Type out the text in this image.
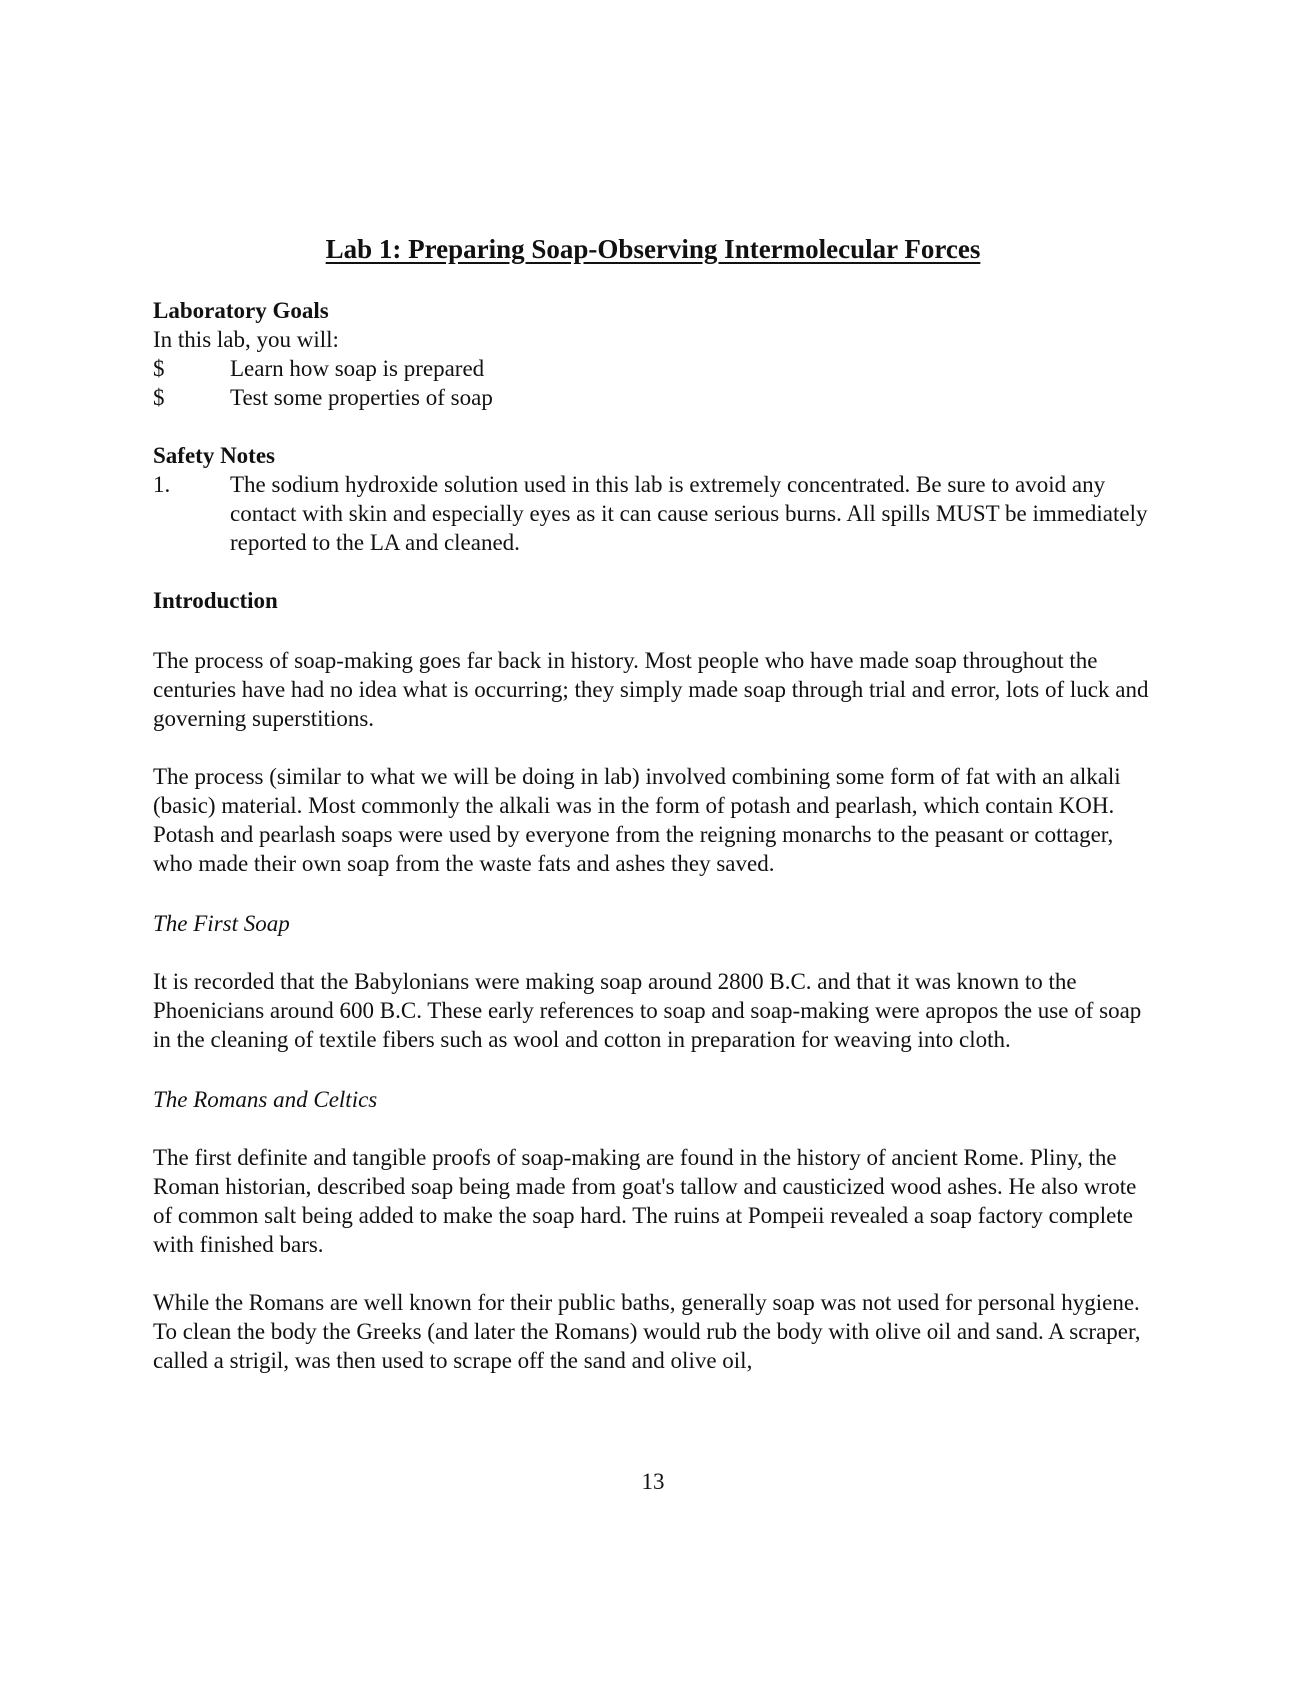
Lab 1: Preparing Soap-Observing Intermolecular Forces
Laboratory Goals
In this lab, you will:
$	Learn how soap is prepared
$	Test some properties of soap
Safety Notes
1.	The sodium hydroxide solution used in this lab is extremely concentrated. Be sure to avoid any contact with skin and especially eyes as it can cause serious burns. All spills MUST be immediately reported to the LA and cleaned.
Introduction

The process of soap-making goes far back in history. Most people who have made soap throughout the centuries have had no idea what is occurring; they simply made soap through trial and error, lots of luck and governing superstitions.

The process (similar to what we will be doing in lab) involved combining some form of fat with an alkali (basic) material. Most commonly the alkali was in the form of potash and pearlash, which contain KOH. Potash and pearlash soaps were used by everyone from the reigning monarchs to the peasant or cottager, who made their own soap from the waste fats and ashes they saved.

The First Soap

It is recorded that the Babylonians were making soap around 2800 B.C. and that it was known to the Phoenicians around 600 B.C. These early references to soap and soap-making were apropos the use of soap in the cleaning of textile fibers such as wool and cotton in preparation for weaving into cloth.

The Romans and Celtics

The first definite and tangible proofs of soap-making are found in the history of ancient Rome. Pliny, the Roman historian, described soap being made from goat's tallow and causticized wood ashes. He also wrote of common salt being added to make the soap hard. The ruins at Pompeii revealed a soap factory complete with finished bars.

While the Romans are well known for their public baths, generally soap was not used for personal hygiene. To clean the body the Greeks (and later the Romans) would rub the body with olive oil and sand. A scraper, called a strigil, was then used to scrape off the sand and olive oil,

13
